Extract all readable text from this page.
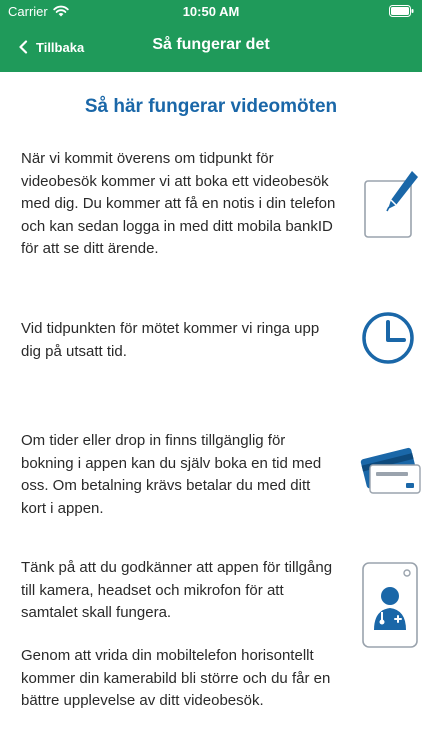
Carrier	10:50 AM
Tillbaka	Så fungerar det
Så här fungerar videomöten

När vi kommit överens om tidpunkt för videobesök kommer vi att boka ett videobesök med dig. Du kommer att få en notis i din telefon och kan sedan logga in med ditt mobila bankID för att se ditt ärende.

Vid tidpunkten för mötet kommer vi ringa upp dig på utsatt tid.

Om tider eller drop in finns tillgänglig för bokning i appen kan du själv boka en tid med oss. Om betalning krävs betalar du med ditt kort i appen.

Tänk på att du godkänner att appen för tillgång till kamera, headset och mikrofon för att samtalet skall fungera.

Genom att vrida din mobiltelefon horisontellt kommer din kamerabild bli större och du får en bättre upplevelse av ditt videobesök.
